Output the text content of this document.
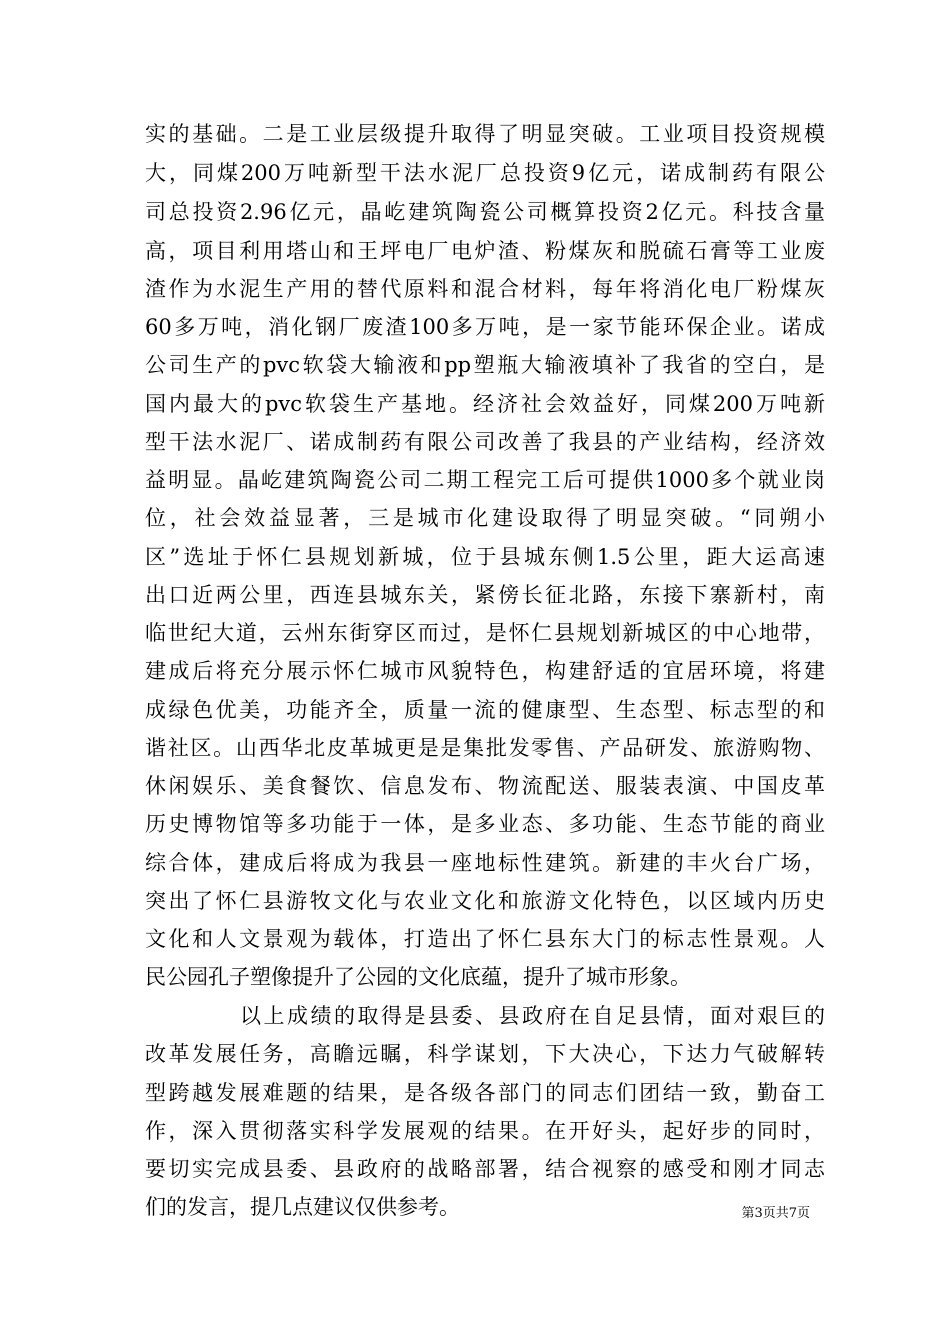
实的基础。二是工业层级提升取得了明显突破。工业项目投资规模
大，同煤200万吨新型干法水泥厂总投资9亿元，诺成制药有限公
司总投资2.96亿元，晶屹建筑陶瓷公司概算投资2亿元。科技含量
高，项目利用塔山和王坪电厂电炉渣、粉煤灰和脱硫石膏等工业废
渣作为水泥生产用的替代原料和混合材料，每年将消化电厂粉煤灰
60多万吨，消化钢厂废渣100多万吨，是一家节能环保企业。诺成
公司生产的pvc软袋大输液和pp塑瓶大输液填补了我省的空白，是
国内最大的pvc软袋生产基地。经济社会效益好，同煤200万吨新
型干法水泥厂、诺成制药有限公司改善了我县的产业结构，经济效
益明显。晶屹建筑陶瓷公司二期工程完工后可提供1000多个就业岗
位，社会效益显著，三是城市化建设取得了明显突破。“同朔小
区”选址于怀仁县规划新城，位于县城东侧1.5公里，距大运高速
出口近两公里，西连县城东关，紧傍长征北路，东接下寨新村，南
临世纪大道，云州东街穿区而过，是怀仁县规划新城区的中心地带，
建成后将充分展示怀仁城市风貌特色，构建舒适的宜居环境，将建
成绿色优美，功能齐全，质量一流的健康型、生态型、标志型的和
谐社区。山西华北皮革城更是是集批发零售、产品研发、旅游购物、
休闲娱乐、美食餐饮、信息发布、物流配送、服装表演、中国皮革
历史博物馆等多功能于一体，是多业态、多功能、生态节能的商业
综合体，建成后将成为我县一座地标性建筑。新建的丰火台广场，
突出了怀仁县游牧文化与农业文化和旅游文化特色，以区域内历史
文化和人文景观为载体，打造出了怀仁县东大门的标志性景观。人
民公园孔子塑像提升了公园的文化底蕴，提升了城市形象。
以上成绩的取得是县委、县政府在自足县情，面对艰巨的
改革发展任务，高瞻远瞩，科学谋划，下大决心，下达力气破解转
型跨越发展难题的结果，是各级各部门的同志们团结一致，勤奋工
作，深入贯彻落实科学发展观的结果。在开好头，起好步的同时，
要切实完成县委、县政府的战略部署，结合视察的感受和刚才同志
们的发言，提几点建议仅供参考。	第3页共7页
